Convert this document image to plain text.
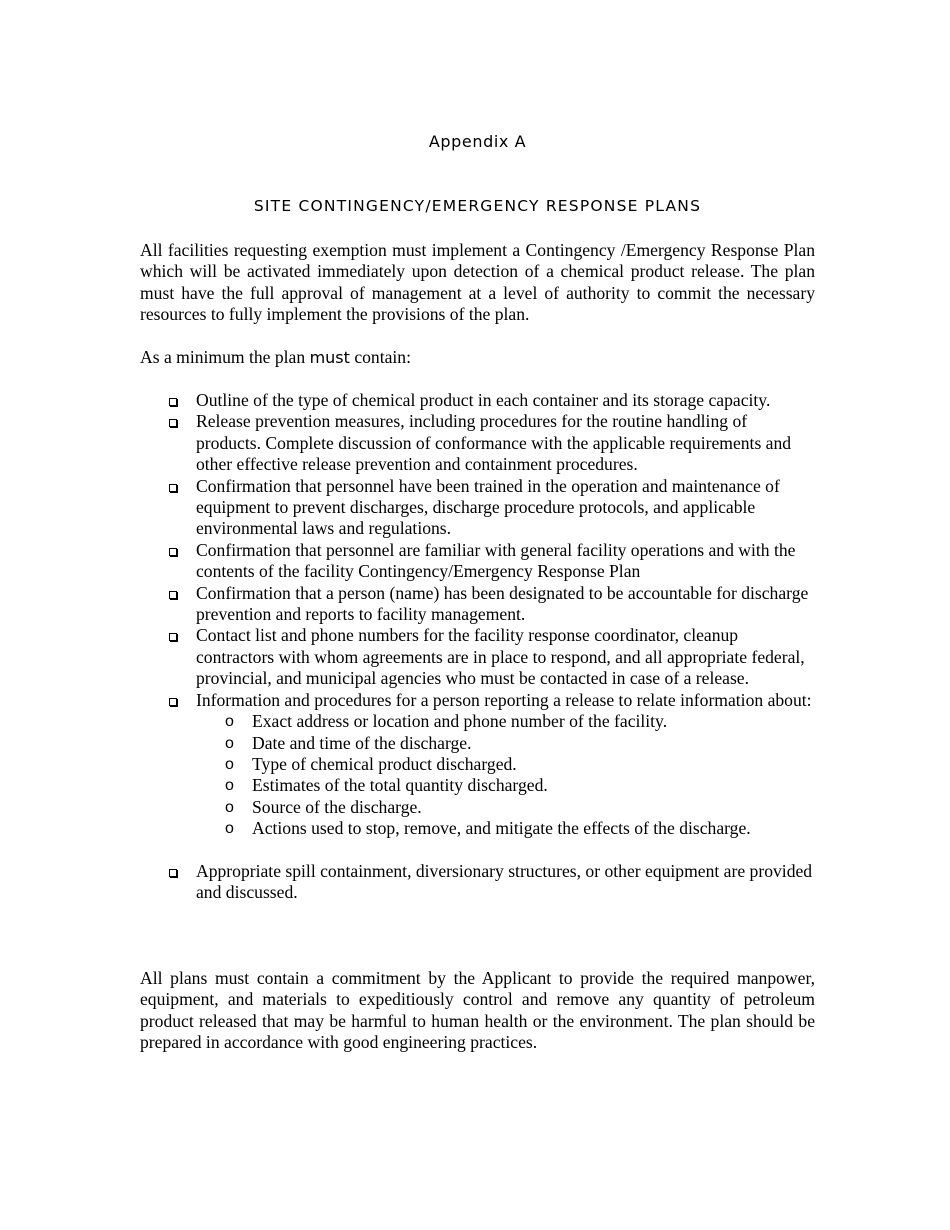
Appendix A
SITE CONTINGENCY/EMERGENCY RESPONSE PLANS

All facilities requesting exemption must implement a Contingency /Emergency Response Plan which will be activated immediately upon detection of a chemical product release. The plan must have the full approval of management at a level of authority to commit the necessary resources to fully implement the provisions of the plan.

As a minimum the plan must contain:

Outline of the type of chemical product in each container and its storage capacity.
Release prevention measures, including procedures for the routine handling of products. Complete discussion of conformance with the applicable requirements and other effective release prevention and containment procedures.
Confirmation that personnel have been trained in the operation and maintenance of equipment to prevent discharges, discharge procedure protocols, and applicable environmental laws and regulations.
Confirmation that personnel are familiar with general facility operations and with the contents of the facility Contingency/Emergency Response Plan
Confirmation that a person (name) has been designated to be accountable for discharge prevention and reports to facility management.
Contact list and phone numbers for the facility response coordinator, cleanup contractors with whom agreements are in place to respond, and all appropriate federal, provincial, and municipal agencies who must be contacted in case of a release.
Information and procedures for a person reporting a release to relate information about:
o Exact address or location and phone number of the facility.
o Date and time of the discharge.
o Type of chemical product discharged.
o Estimates of the total quantity discharged.
o Source of the discharge.
o Actions used to stop, remove, and mitigate the effects of the discharge.
Appropriate spill containment, diversionary structures, or other equipment are provided and discussed.

All plans must contain a commitment by the Applicant to provide the required manpower, equipment, and materials to expeditiously control and remove any quantity of petroleum product released that may be harmful to human health or the environment. The plan should be prepared in accordance with good engineering practices.
